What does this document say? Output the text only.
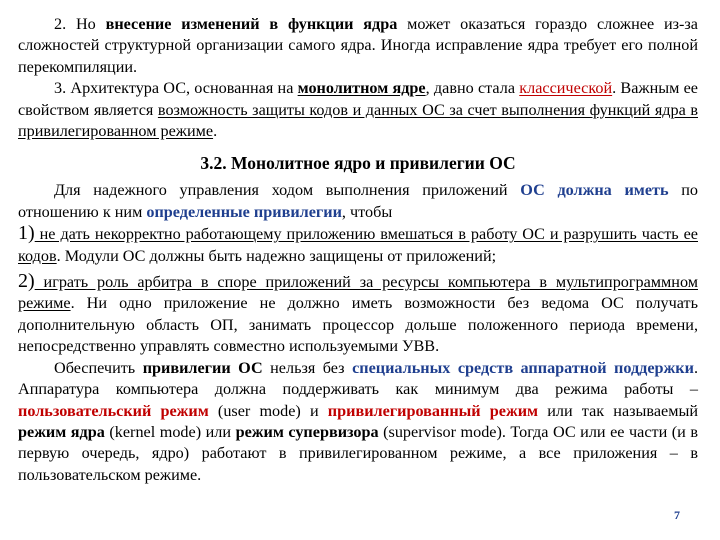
2. Но внесение изменений в функции ядра может оказаться гораздо сложнее из-за сложностей структурной организации самого ядра. Иногда исправление ядра требует его полной перекомпиляции.

3. Архитектура ОС, основанная на монолитном ядре, давно стала классической. Важным ее свойством является возможность защиты кодов и данных ОС за счет выполнения функций ядра в привилегированном режиме.

3.2. Монолитное ядро и привилегии ОС

Для надежного управления ходом выполнения приложений ОС должна иметь по отношению к ним определенные привилегии, чтобы

1) не дать некорректно работающему приложению вмешаться в работу ОС и разрушить часть ее кодов. Модули ОС должны быть надежно защищены от приложений;

2) играть роль арбитра в споре приложений за ресурсы компьютера в мультипрограммном режиме. Ни одно приложение не должно иметь возможности без ведома ОС получать дополнительную область ОП, занимать процессор дольше положенного периода времени, непосредственно управлять совместно используемыми УВВ.

Обеспечить привилегии ОС нельзя без специальных средств аппаратной поддержки. Аппаратура компьютера должна поддерживать как минимум два режима работы – пользовательский режим (user mode) и привилегированный режим или так называемый режим ядра (kernel mode) или режим супервизора (supervisor mode). Тогда ОС или ее части (и в первую очередь, ядро) работают в привилегированном режиме, а все приложения – в пользовательском режиме.

7
